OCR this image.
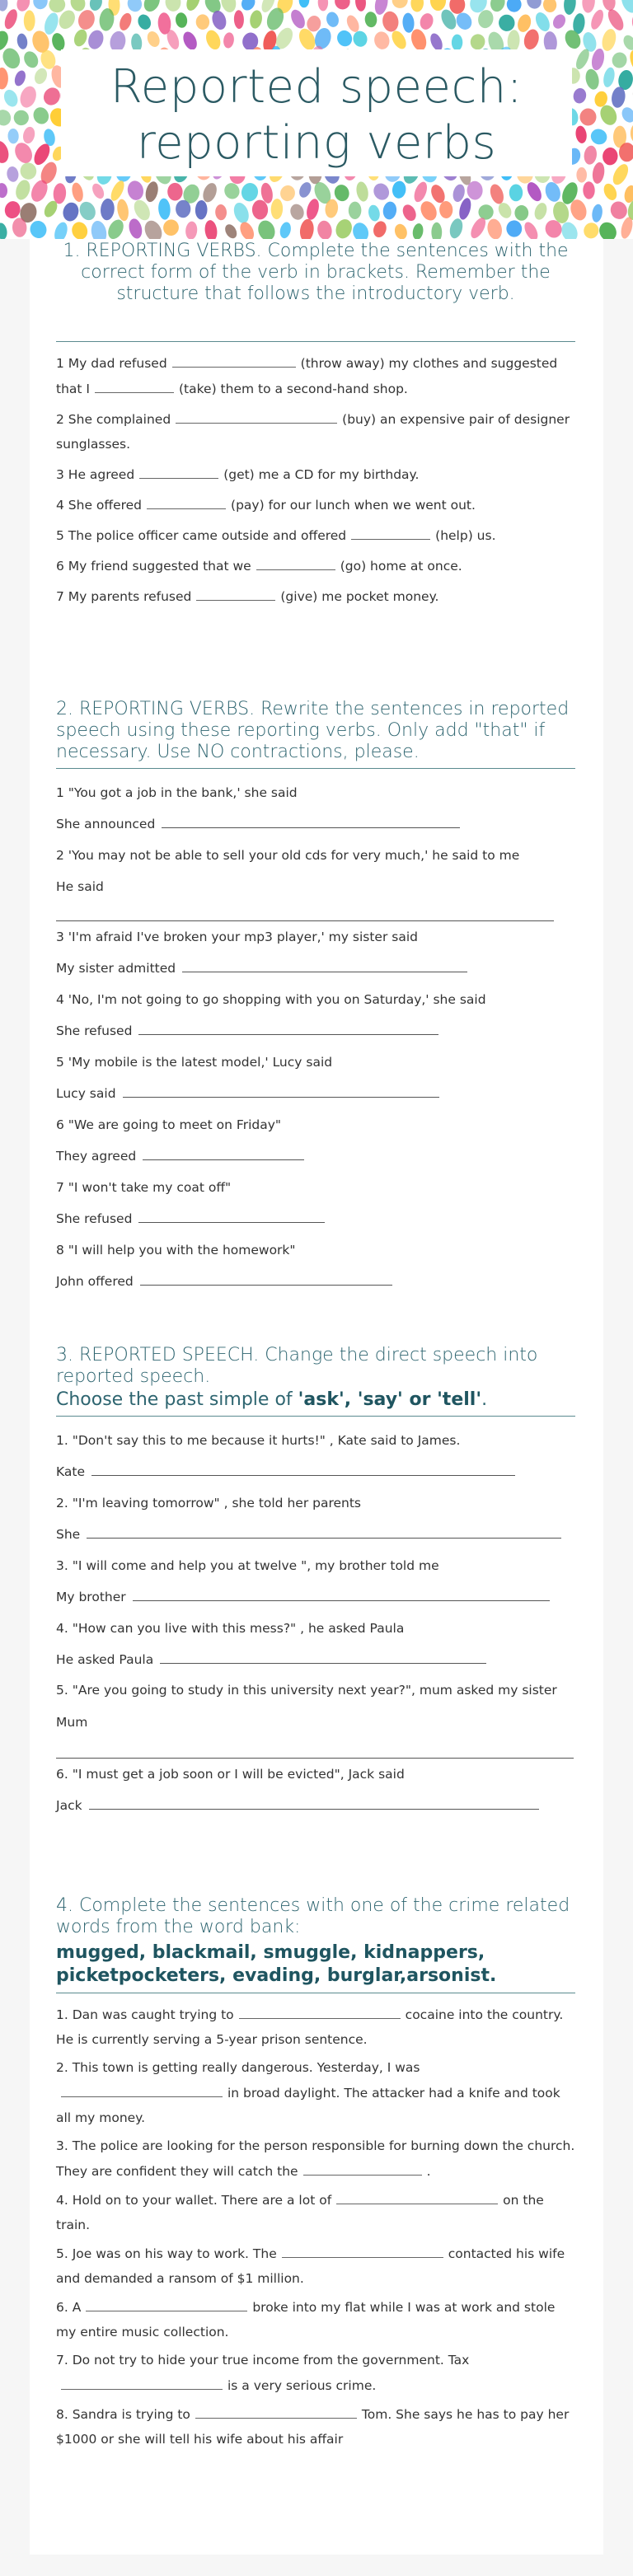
Reported speech:
reporting verbs

1. REPORTING VERBS. Complete the sentences with the correct form of the verb in brackets. Remember the structure that follows the introductory verb.

1 My dad refused	(throw away) my clothes and suggested that I	(take) them to a second-hand shop.
2 She complained	(buy) an expensive pair of designer sunglasses.
3 He agreed	(get) me a CD for my birthday.
4 She offered	(pay) for our lunch when we went out.
5 The police officer came outside and offered	(help) us.
6 My friend suggested that we	(go) home at once.
7 My parents refused	(give) me pocket money.

2. REPORTING VERBS. Rewrite the sentences in reported speech using these reporting verbs. Only add "that" if necessary. Use NO contractions, please.

1 "You got a job in the bank,' she said
She announced
2 'You may not be able to sell your old cds for very much,' he said to me
He said
3 'I'm afraid I've broken your mp3 player,' my sister said
My sister admitted
4 'No, I'm not going to go shopping with you on Saturday,' she said
She refused
5 'My mobile is the latest model,' Lucy said
Lucy said
6 "We are going to meet on Friday"
They agreed
7 "I won't take my coat off"
She refused
8 "I will help you with the homework"
John offered

3. REPORTED SPEECH. Change the direct speech into reported speech.

Choose the past simple of 'ask', 'say' or 'tell'.
1. "Don't say this to me because it hurts!" , Kate said to James.
Kate
2. "I'm leaving tomorrow" , she told her parents
She
3. "I will come and help you at twelve ", my brother told me
My brother
4. "How can you live with this mess?" , he asked Paula
He asked Paula
5. "Are you going to study in this university next year?", mum asked my sister
Mum
6. "I must get a job soon or I will be evicted", Jack said
Jack

4. Complete the sentences with one of the crime related words from the word bank:

mugged, blackmail, smuggle, kidnappers, picketpocketers, evading, burglar,arsonist.
1. Dan was caught trying to	cocaine into the country. He is currently serving a 5-year prison sentence.
2. This town is getting really dangerous. Yesterday, I wasin broad daylight. The attacker had a knife and took all my money.
3. The police are looking for the person responsible for burning down the church. They are confident they will catch the	.
4. Hold on to your wallet. There are a lot of	on the train.
5. Joe was on his way to work. The	contacted his wife and demanded a ransom of $1 million.
6. A	broke into my flat while I was at work and stole my entire music collection.
7. Do not try to hide your true income from the government. Taxis a very serious crime.
8. Sandra is trying to	Tom. She says he has to pay her $1000 or she will tell his wife about his affair
